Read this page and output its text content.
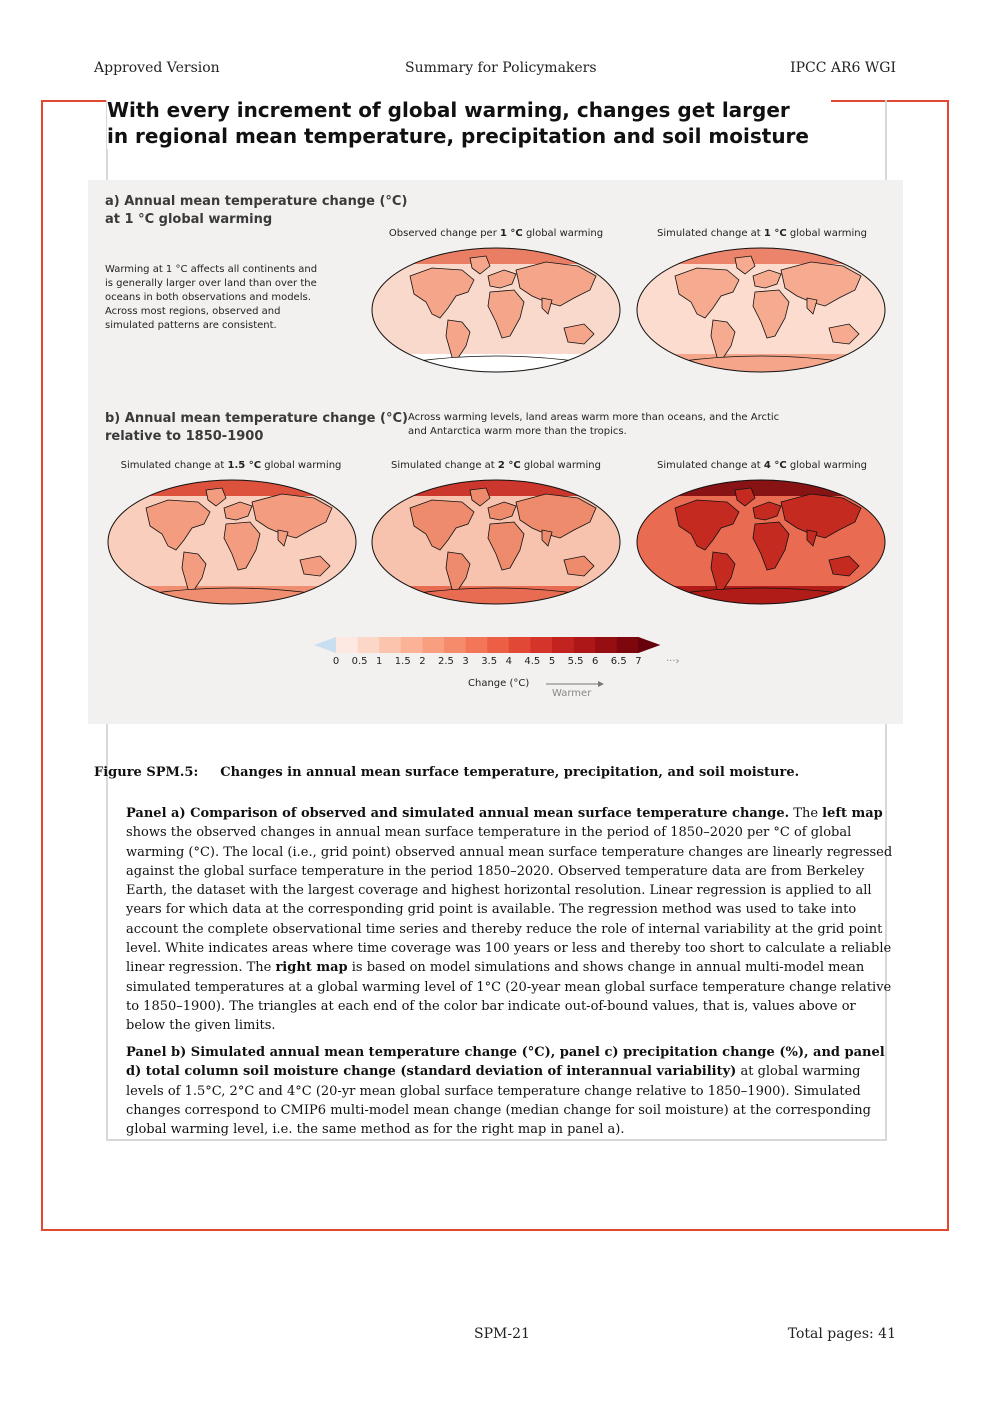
Approved Version	Summary for Policymakers	IPCC AR6 WGI
With every increment of global warming, changes get larger
in regional mean temperature, precipitation and soil moisture
a) Annual mean temperature change (°C)
at 1 °C global warming
Warming at 1 °C affects all continents and
is generally larger over land than over the
oceans in both observations and models.
Across most regions, observed and
simulated patterns are consistent.
Observed change per 1 °C global warming	Simulated change at 1 °C global warming
b) Annual mean temperature change (°C)
relative to 1850-1900
Across warming levels, land areas warm more than oceans, and the Arctic
and Antarctica warm more than the tropics.
Simulated change at 1.5 °C global warming	Simulated change at 2 °C global warming	Simulated change at 4 °C global warming
0 0.5 1 1.5 2 2.5 3 3.5 4 4.5 5 5.5 6 6.5 7 ···›
Change (°C)
Warmer
Figure SPM.5: Changes in annual mean surface temperature, precipitation, and soil moisture.
Panel a) Comparison of observed and simulated annual mean surface temperature change. The left map shows the observed changes in annual mean surface temperature in the period of 1850–2020 per °C of global warming (°C). The local (i.e., grid point) observed annual mean surface temperature changes are linearly regressed against the global surface temperature in the period 1850–2020. Observed temperature data are from Berkeley Earth, the dataset with the largest coverage and highest horizontal resolution. Linear regression is applied to all years for which data at the corresponding grid point is available. The regression method was used to take into account the complete observational time series and thereby reduce the role of internal variability at the grid point level. White indicates areas where time coverage was 100 years or less and thereby too short to calculate a reliable linear regression. The right map is based on model simulations and shows change in annual multi-model mean simulated temperatures at a global warming level of 1°C (20-year mean global surface temperature change relative to 1850–1900). The triangles at each end of the color bar indicate out-of-bound values, that is, values above or below the given limits.
Panel b) Simulated annual mean temperature change (°C), panel c) precipitation change (%), and panel d) total column soil moisture change (standard deviation of interannual variability) at global warming levels of 1.5°C, 2°C and 4°C (20-yr mean global surface temperature change relative to 1850–1900). Simulated changes correspond to CMIP6 multi-model mean change (median change for soil moisture) at the corresponding global warming level, i.e. the same method as for the right map in panel a).
SPM-21	Total pages: 41
